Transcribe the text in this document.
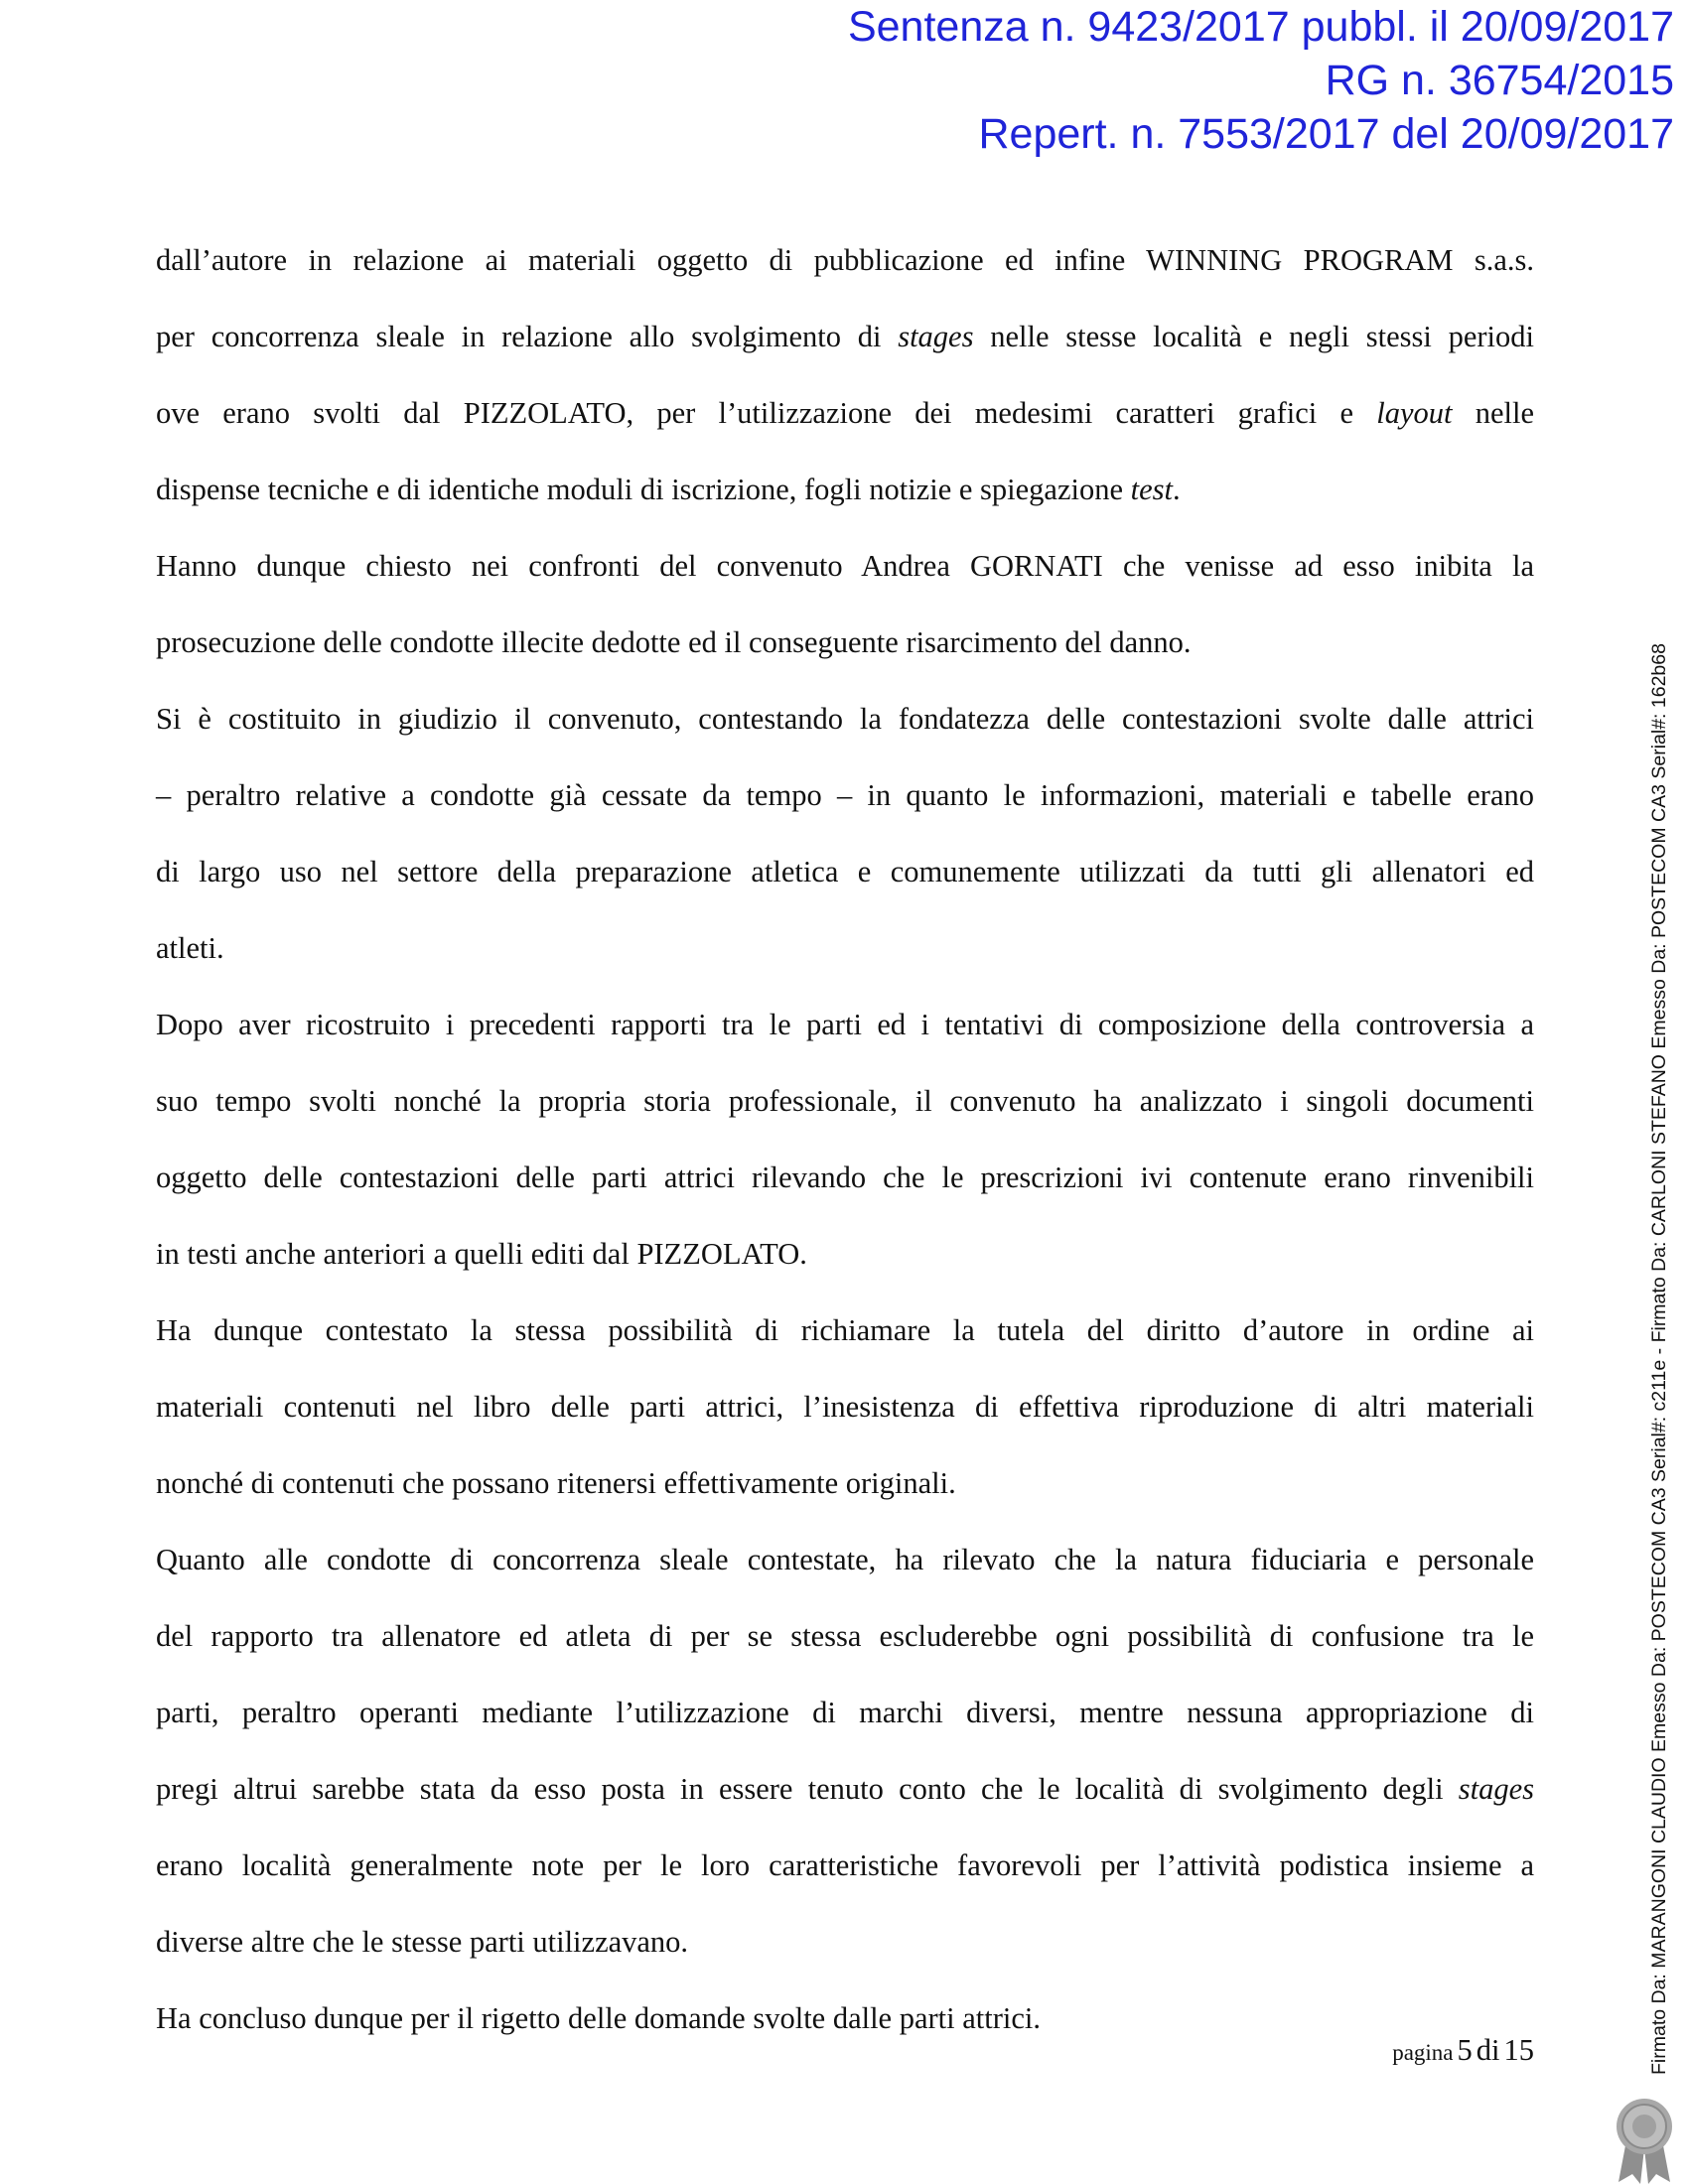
Sentenza n. 9423/2017 pubbl. il 20/09/2017
RG n. 36754/2015
Repert. n. 7553/2017 del 20/09/2017

dall’autore in relazione ai materiali oggetto di pubblicazione ed infine WINNING PROGRAM s.a.s.

per concorrenza sleale in relazione allo svolgimento di stages nelle stesse località e negli stessi periodi

ove erano svolti dal PIZZOLATO, per l’utilizzazione dei medesimi caratteri grafici e layout nelle

dispense tecniche e di identiche moduli di iscrizione, fogli notizie e spiegazione test.

Hanno dunque chiesto nei confronti del convenuto Andrea GORNATI che venisse ad esso inibita la

prosecuzione delle condotte illecite dedotte ed il conseguente risarcimento del danno.

Si è costituito in giudizio il convenuto, contestando la fondatezza delle contestazioni svolte dalle attrici

– peraltro relative a condotte già cessate da tempo – in quanto le informazioni, materiali e tabelle erano

di largo uso nel settore della preparazione atletica e comunemente utilizzati da tutti gli allenatori ed

atleti.

Dopo aver ricostruito i precedenti rapporti tra le parti ed i tentativi di composizione della controversia a

suo tempo svolti nonché la propria storia professionale, il convenuto ha analizzato i singoli documenti

oggetto delle contestazioni delle parti attrici rilevando che le prescrizioni ivi contenute erano rinvenibili

in testi anche anteriori a quelli editi dal PIZZOLATO.

Ha dunque contestato la stessa possibilità di richiamare la tutela del diritto d’autore in ordine ai

materiali contenuti nel libro delle parti attrici, l’inesistenza di effettiva riproduzione di altri materiali

nonché di contenuti che possano ritenersi effettivamente originali.

Quanto alle condotte di concorrenza sleale contestate, ha rilevato che la natura fiduciaria e personale

del rapporto tra allenatore ed atleta di per se stessa escluderebbe ogni possibilità di confusione tra le

parti, peraltro operanti mediante l’utilizzazione di marchi diversi, mentre nessuna appropriazione di

pregi altrui sarebbe stata da esso posta in essere tenuto conto che le località di svolgimento degli stages

erano località generalmente note per le loro caratteristiche favorevoli per l’attività podistica insieme a

diverse altre che le stesse parti utilizzavano.

Ha concluso dunque per il rigetto delle domande svolte dalle parti attrici.

pagina 5 di 15	Firmato Da: MARANGONI CLAUDIO Emesso Da: POSTECOM CA3 Serial#: c211e - Firmato Da: CARLONI STEFANO Emesso Da: POSTECOM CA3 Serial#: 162b68
